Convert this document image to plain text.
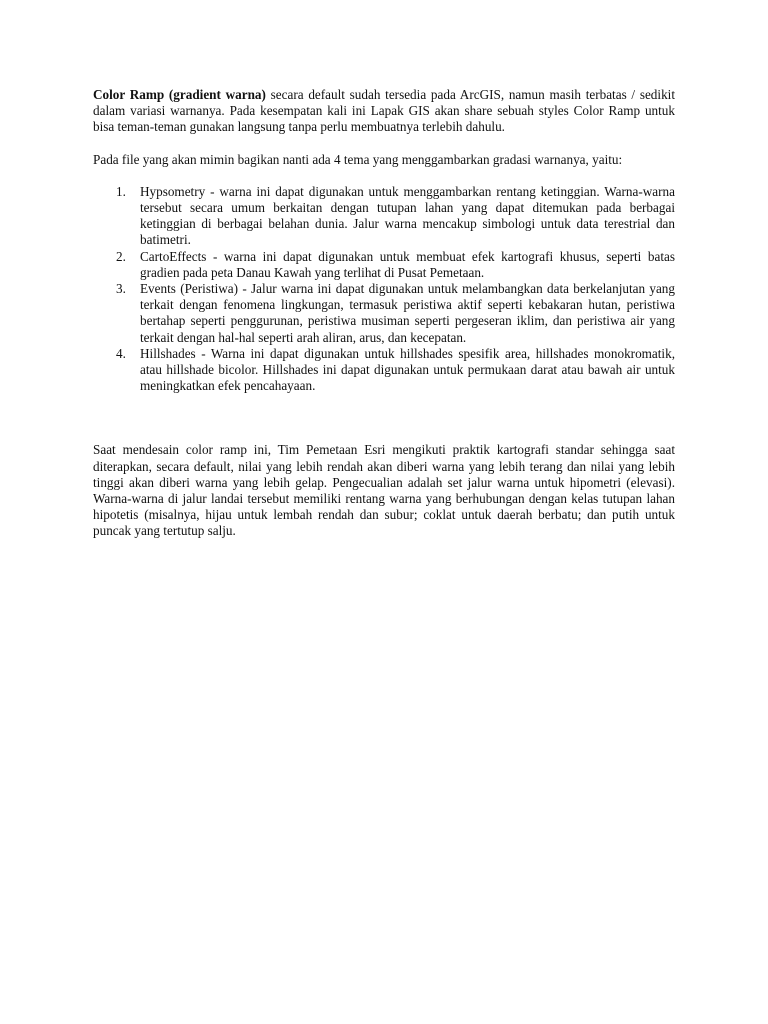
Color Ramp (gradient warna) secara default sudah tersedia pada ArcGIS, namun masih terbatas / sedikit dalam variasi warnanya. Pada kesempatan kali ini Lapak GIS akan share sebuah styles Color Ramp untuk bisa teman-teman gunakan langsung tanpa perlu membuatnya terlebih dahulu.

Pada file yang akan mimin bagikan nanti ada 4 tema yang menggambarkan gradasi warnanya, yaitu:

1. Hypsometry - warna ini dapat digunakan untuk menggambarkan rentang ketinggian. Warna-warna tersebut secara umum berkaitan dengan tutupan lahan yang dapat ditemukan pada berbagai ketinggian di berbagai belahan dunia. Jalur warna mencakup simbologi untuk data terestrial dan batimetri.
2. CartoEffects - warna ini dapat digunakan untuk membuat efek kartografi khusus, seperti batas gradien pada peta Danau Kawah yang terlihat di Pusat Pemetaan.
3. Events (Peristiwa) - Jalur warna ini dapat digunakan untuk melambangkan data berkelanjutan yang terkait dengan fenomena lingkungan, termasuk peristiwa aktif seperti kebakaran hutan, peristiwa bertahap seperti penggurunan, peristiwa musiman seperti pergeseran iklim, dan peristiwa air yang terkait dengan hal-hal seperti arah aliran, arus, dan kecepatan.
4. Hillshades - Warna ini dapat digunakan untuk hillshades spesifik area, hillshades monokromatik, atau hillshade bicolor. Hillshades ini dapat digunakan untuk permukaan darat atau bawah air untuk meningkatkan efek pencahayaan.

Saat mendesain color ramp ini, Tim Pemetaan Esri mengikuti praktik kartografi standar sehingga saat diterapkan, secara default, nilai yang lebih rendah akan diberi warna yang lebih terang dan nilai yang lebih tinggi akan diberi warna yang lebih gelap. Pengecualian adalah set jalur warna untuk hipometri (elevasi). Warna-warna di jalur landai tersebut memiliki rentang warna yang berhubungan dengan kelas tutupan lahan hipotetis (misalnya, hijau untuk lembah rendah dan subur; coklat untuk daerah berbatu; dan putih untuk puncak yang tertutup salju.
